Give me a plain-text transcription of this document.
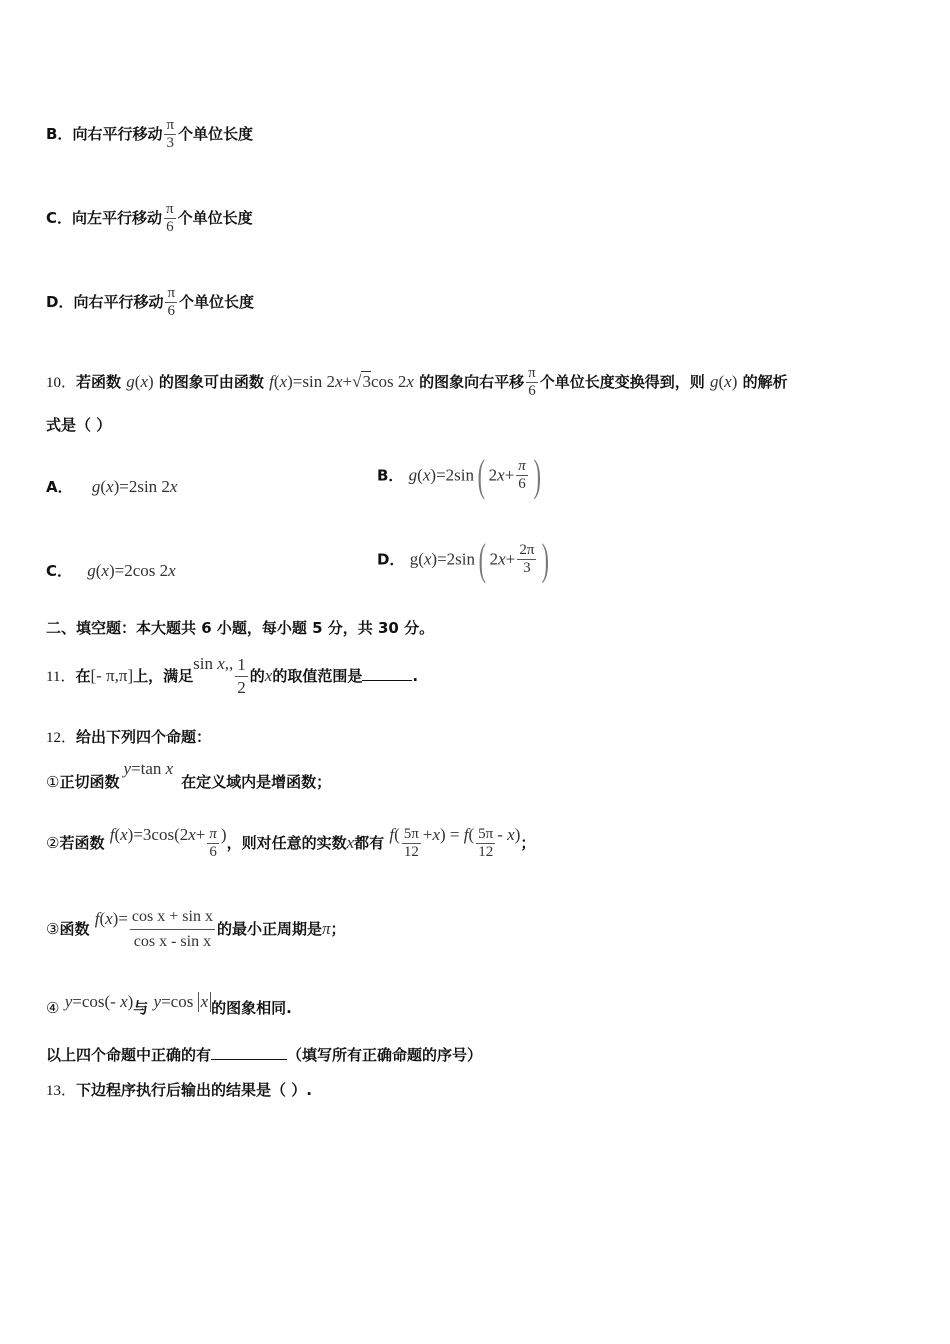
B．向右平行移动 $\frac{\pi}{3}$ 个单位长度
C．向左平行移动 $\frac{\pi}{6}$ 个单位长度
D．向右平行移动 $\frac{\pi}{6}$ 个单位长度
10．若函数 g(x) 的图象可由函数 f(x)=sin 2x+√3cos 2x 的图象向右平移 $\frac{\pi}{6}$ 个单位长度变换得到，则 g(x) 的解析
式是（ ）
A． g(x)=2sin 2x
B． g(x)=2sin( $2x+ \frac{\pi}{6}$ )
C． g(x)=2cos 2x
D． g(x)=2sin( $2x+ \frac{2\pi}{3}$ )
二、填空题：本大题共 6 小题，每小题 5 分，共 30 分。
11．在[- π,π]上，满足sin x,, $\frac{1}{2}$ 的x的取值范围是	.
12．给出下列四个命题：
①正切函数y=tan x在定义域内是增函数；
②若函数 $f(x)=3\cos(2x+ \frac{\pi}{6}$ )，则对任意的实数x都有 $f( \frac{5\pi}{12} +x) = f( \frac{5\pi}{12} - x)$；
③函数 $f(x)= \frac{\text{cos x + sin x}}{\text{cos x - sin x}}$ 的最小正周期是π；
④ y=cos(- x)与 y=cos x 的图象相同.
以上四个命题中正确的有	（填写所有正确命题的序号）
13．下边程序执行后输出的结果是（ ）.
